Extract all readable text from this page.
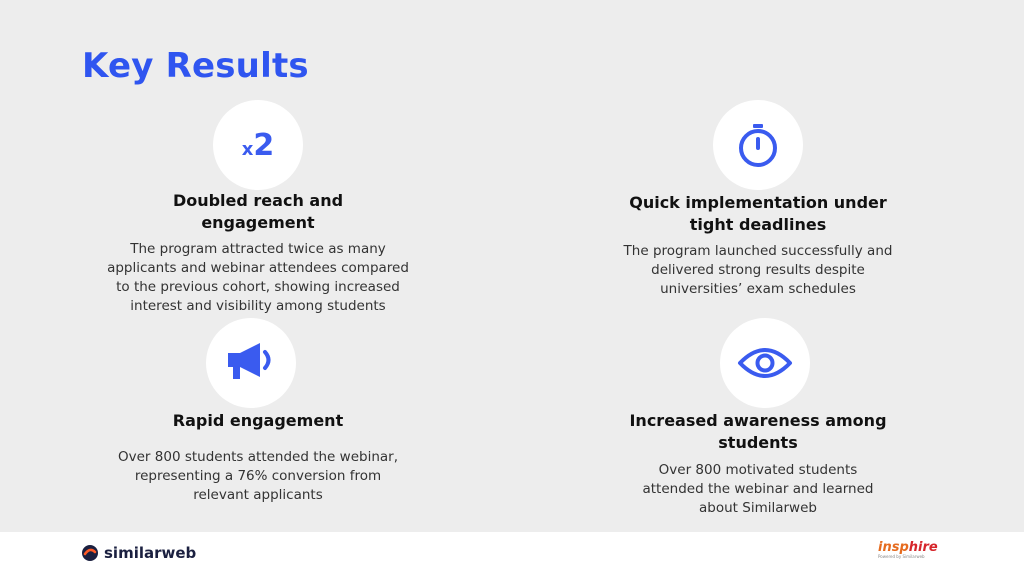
Key Results
x2
Doubled reach and
engagement
The program attracted twice as many
applicants and webinar attendees compared
to the previous cohort, showing increased
interest and visibility among students
Quick implementation under
tight deadlines
The program launched successfully and
delivered strong results despite
universities’ exam schedules
Rapid engagement
Over 800 students attended the webinar,
representing a 76% conversion from
relevant applicants
Increased awareness among
students
Over 800 motivated students
attended the webinar and learned
about Similarweb
similarweb	insphire
Powered by Similarweb
